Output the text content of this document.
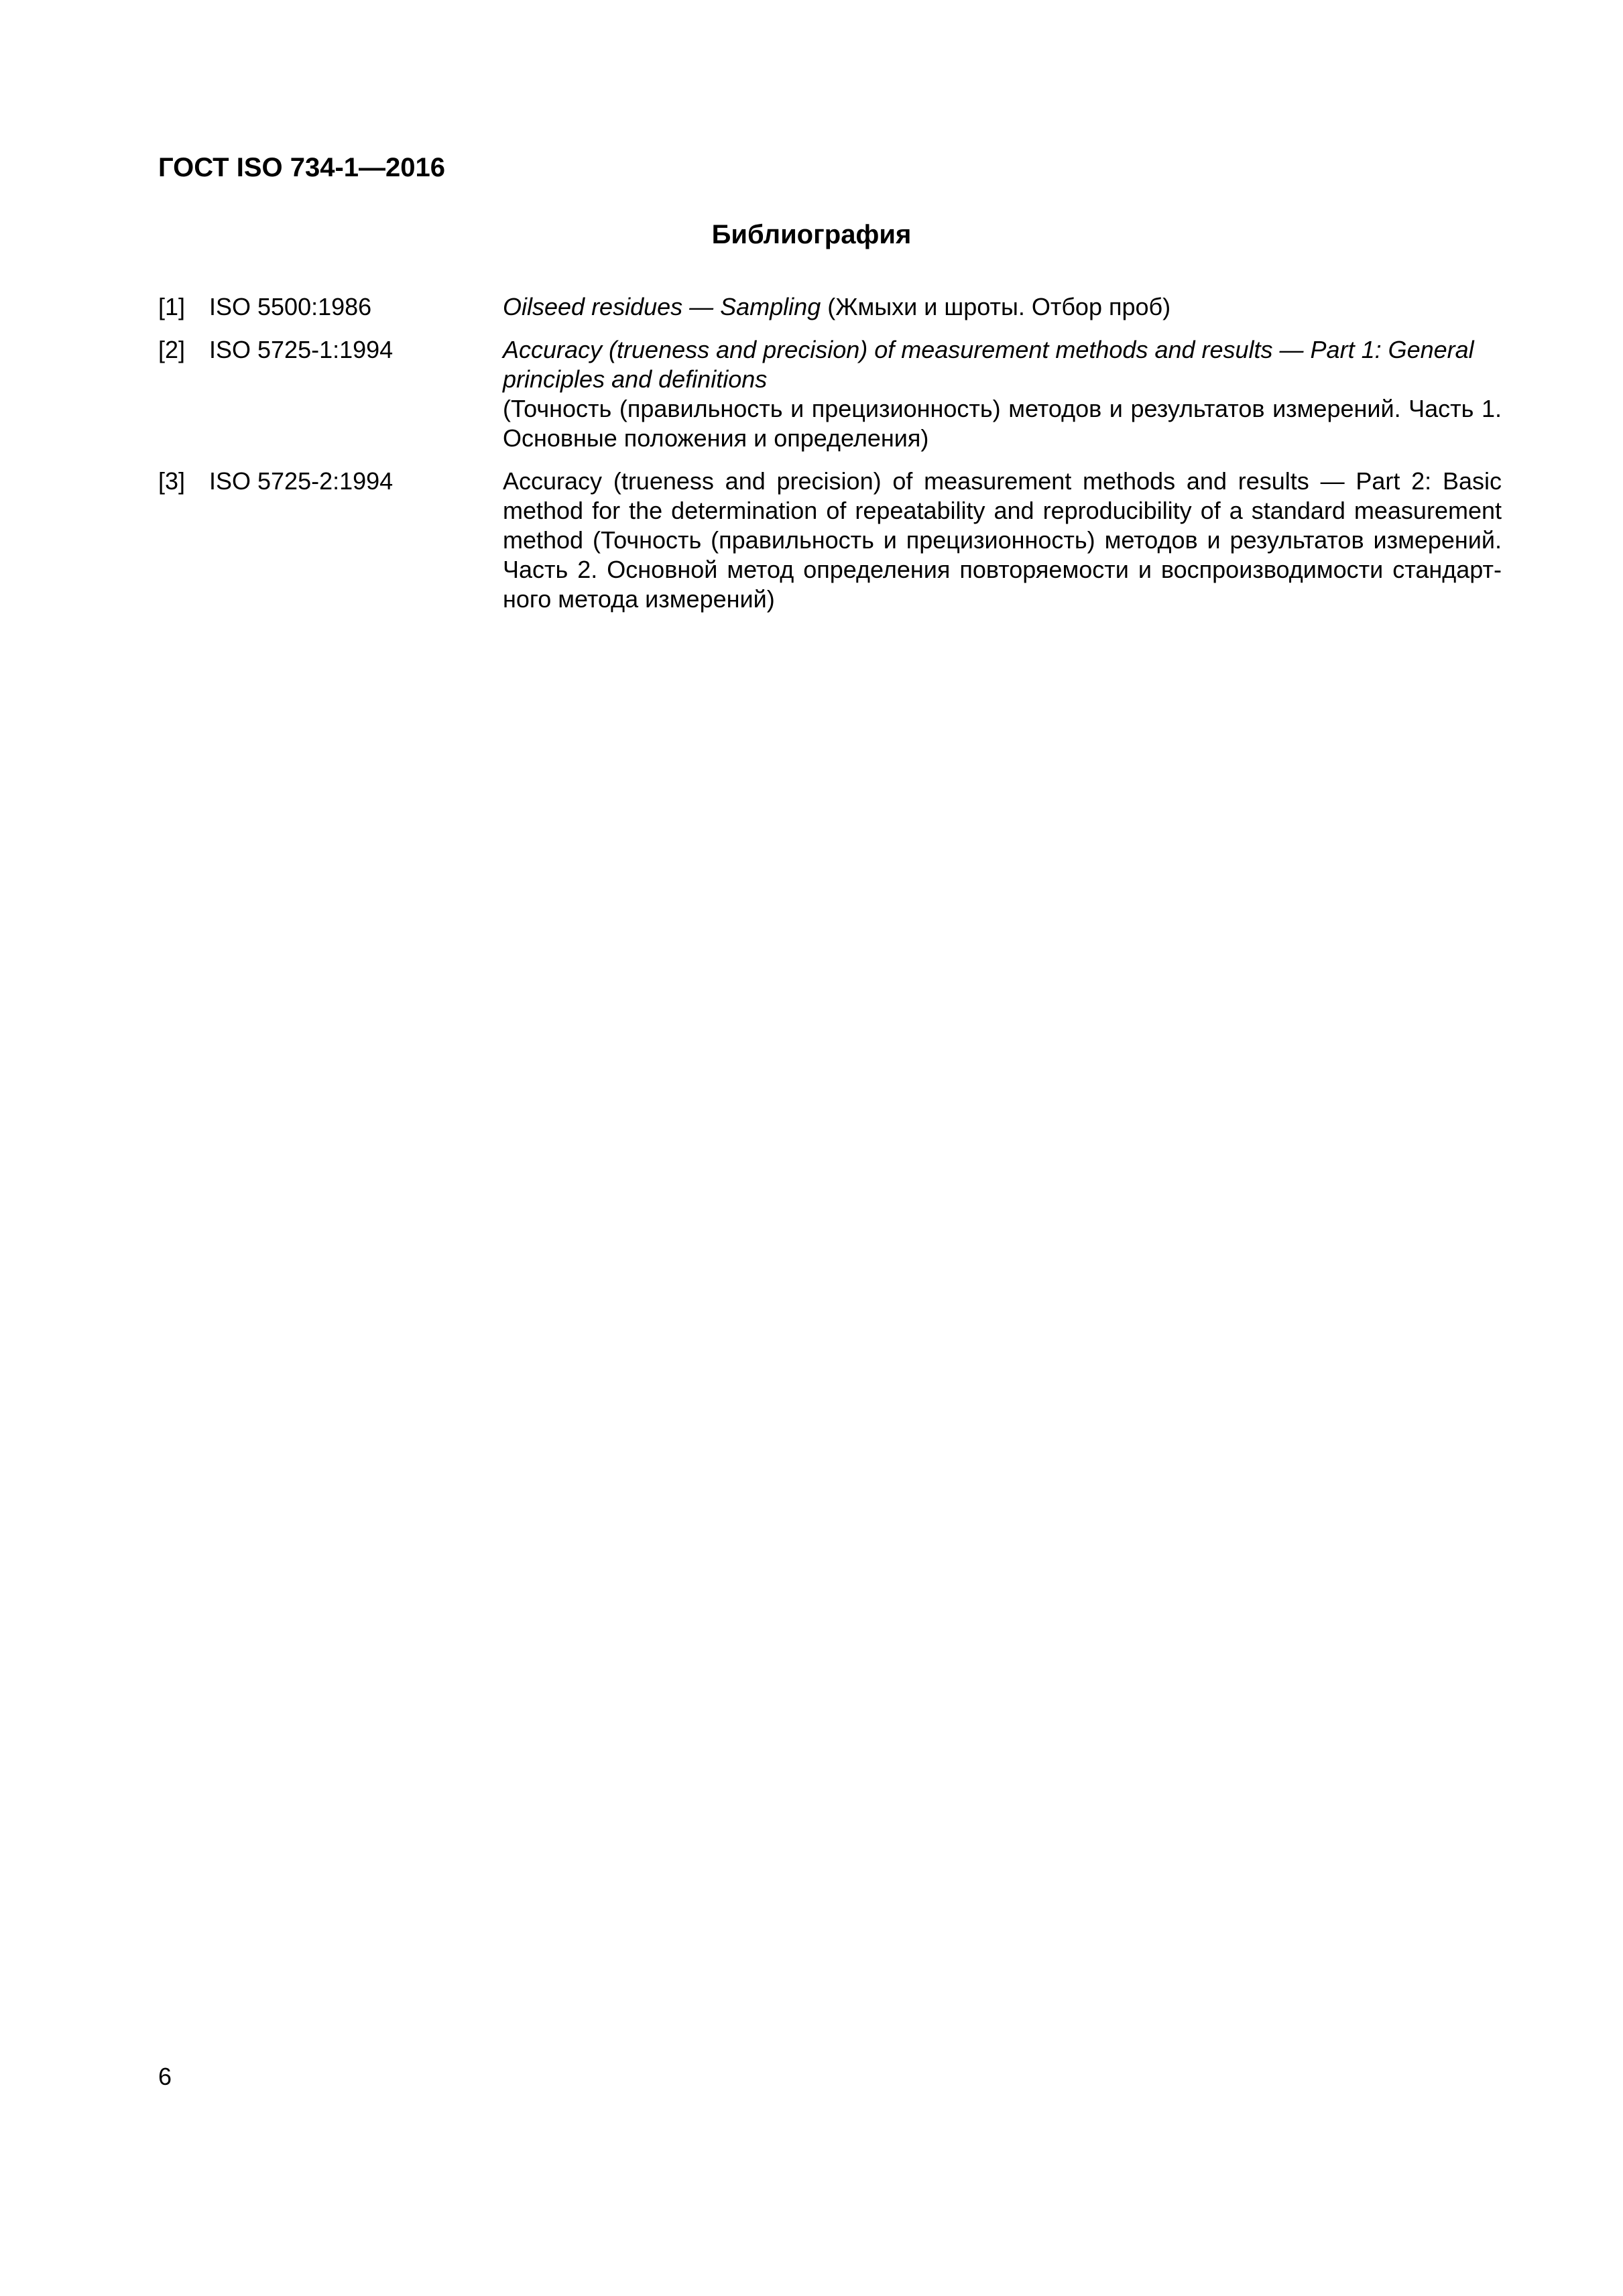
ГОСТ ISO 734-1—2016
Библиография
[1] ISO 5500:1986	Oilseed residues — Sampling (Жмыхи и шроты. Отбор проб)
[2] ISO 5725-1:1994	Accuracy (trueness and precision) of measurement methods and results — Part 1: General principles and definitions
(Точность (правильность и прецизионность) методов и результатов измерений. Часть 1. Основные положения и определения)
[3] ISO 5725-2:1994	Accuracy (trueness and precision) of measurement methods and results — Part 2: Basic method for the determination of repeatability and reproducibility of a standard measurement method (Точность (правильность и прецизионность) методов и результатов измерений. Часть 2. Основной метод определения повторяемости и воспроизводимости стандартного метода измерений)
6
